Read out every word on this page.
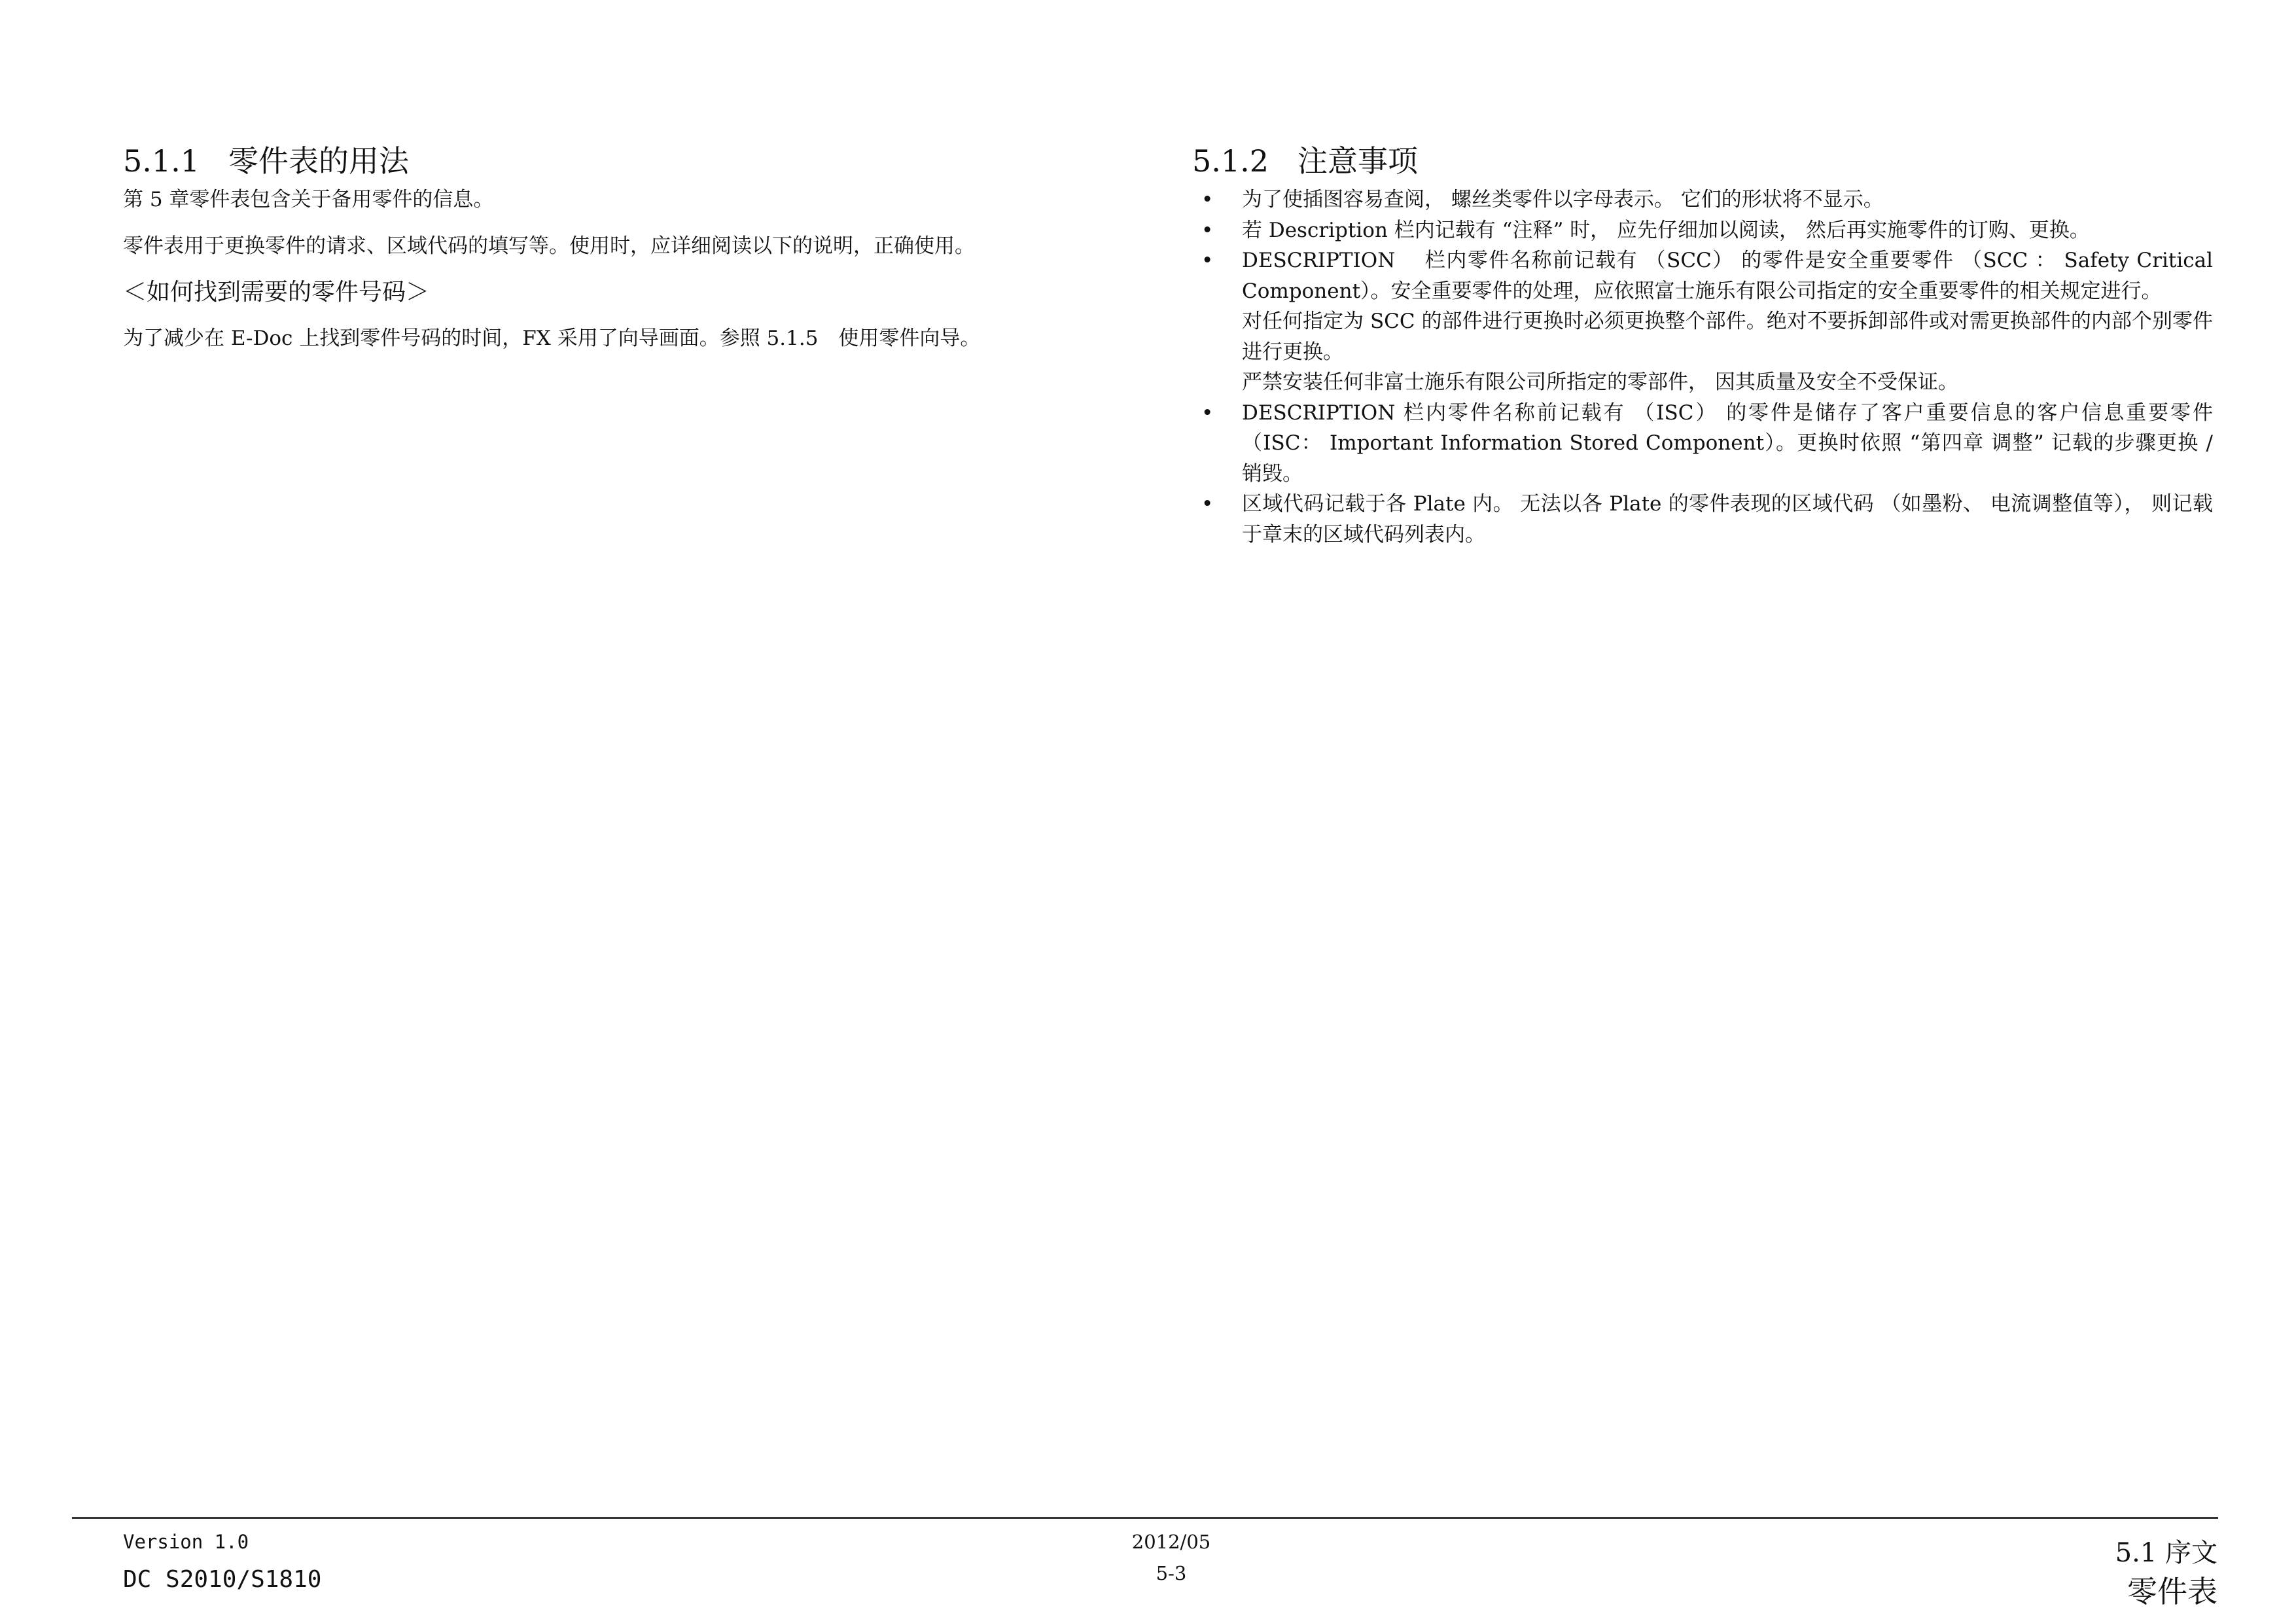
5.1.1 零件表的用法

第 5 章零件表包含关于备用零件的信息。

零件表用于更换零件的请求、区域代码的填写等。使用时，应详细阅读以下的说明，正确使用。

＜如何找到需要的零件号码＞

为了减少在 E-Doc 上找到零件号码的时间，FX 采用了向导画面。参照 5.1.5　使用零件向导。

5.1.2 注意事项
• 为了使插图容易查阅， 螺丝类零件以字母表示。 它们的形状将不显示。
• 若 Description 栏内记载有 “注释” 时， 应先仔细加以阅读， 然后再实施零件的订购、更换。
• DESCRIPTION　 栏内零件名称前记载有 （SCC） 的零件是安全重要零件 （SCC ： Safety Critical Component）。安全重要零件的处理，应依照富士施乐有限公司指定的安全重要零件的相关规定进行。
对任何指定为 SCC 的部件进行更换时必须更换整个部件。绝对不要拆卸部件或对需更换部件的内部个别零件进行更换。
严禁安装任何非富士施乐有限公司所指定的零部件， 因其质量及安全不受保证。
• DESCRIPTION 栏内零件名称前记载有 （ISC） 的零件是储存了客户重要信息的客户信息重要零件 （ISC： Important Information Stored Component）。更换时依照 “第四章 调整” 记载的步骤更换 / 销毁。
• 区域代码记载于各 Plate 内。 无法以各 Plate 的零件表现的区域代码 （如墨粉、 电流调整值等）， 则记载于章末的区域代码列表内。
Version 1.0
DC S2010/S1810
2012/05
5-3
5.1 序文
零件表
